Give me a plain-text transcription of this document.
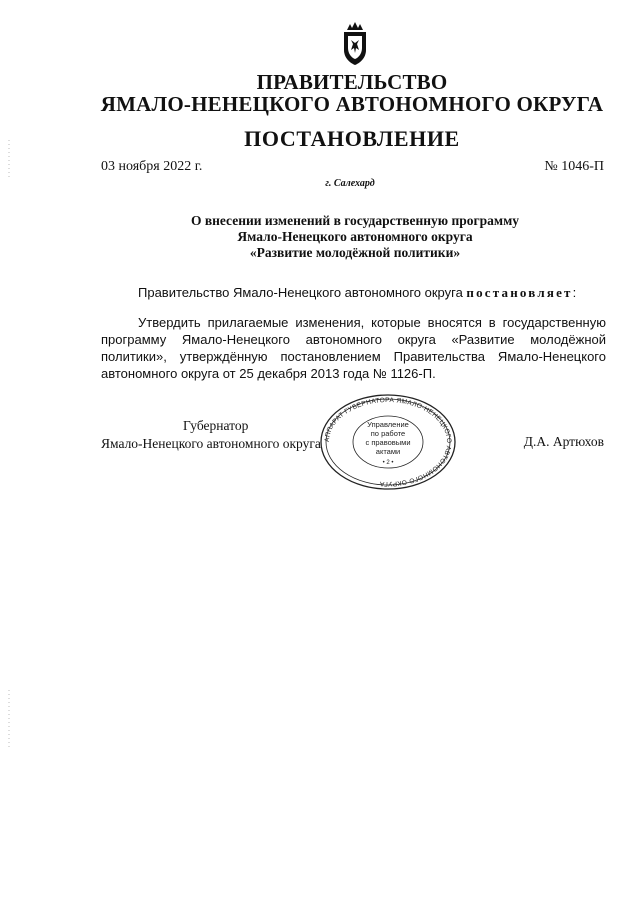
ПРАВИТЕЛЬСТВО
ЯМАЛО-НЕНЕЦКОГО АВТОНОМНОГО ОКРУГА
ПОСТАНОВЛЕНИЕ
03 ноября 2022 г.	№ 1046-П
г. Салехард
О внесении изменений в государственную программу
Ямало-Ненецкого автономного округа
«Развитие молодёжной политики»
Правительство Ямало-Ненецкого автономного округа постановляет:
Утвердить прилагаемые изменения, которые вносятся в государственную программу Ямало-Ненецкого автономного округа «Развитие молодёжной политики», утверждённую постановлением Правительства Ямало-Ненецкого автономного округа от 25 декабря 2013 года № 1126-П.
Губернатор
Ямало-Ненецкого автономного округа	Д.А. Артюхов
АППАРАТ ГУБЕРНАТОРА ЯМАЛО-НЕНЕЦКОГО АВТОНОМНОГО ОКРУГА
Управление
по работе
с правовыми
актами
• 2 •
